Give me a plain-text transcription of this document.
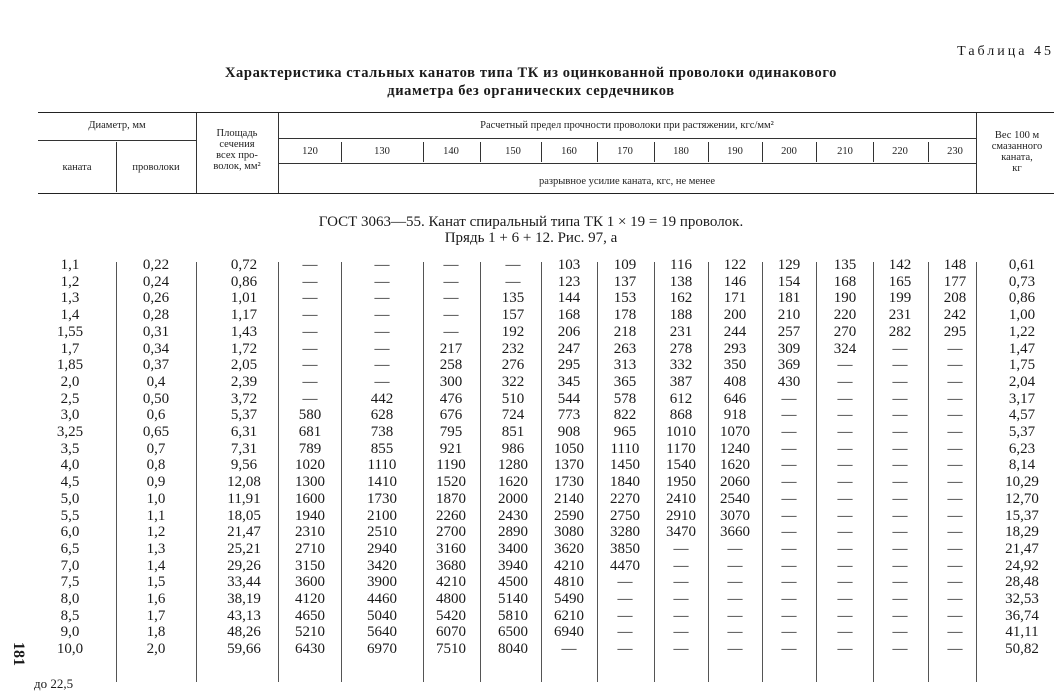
Таблица 45
Характеристика стальных канатов типа ТК из оцинкованной проволоки одинакового
диаметра без органических сердечников
Диаметр, мм
каната	проволоки
Площадь
сечения
всех про-
волок, мм²
Расчетный предел прочности проволоки при растяжении, кгс/мм²
120	130	140	150	160	170	180	190	200	210	220	230
разрывное усилие каната, кгс, не менее
Вес 100 м
смазанного
каната,
кг
ГОСТ 3063—55. Канат спиральный типа ТК 1 × 19 = 19 проволок.
Прядь 1 + 6 + 12. Рис. 97, а
1,1	0,22	0,72	—	—	—	—	103	109	116	122	129	135	142	148	0,61
1,2	0,24	0,86	—	—	—	—	123	137	138	146	154	168	165	177	0,73
1,3	0,26	1,01	—	—	—	135	144	153	162	171	181	190	199	208	0,86
1,4	0,28	1,17	—	—	—	157	168	178	188	200	210	220	231	242	1,00
1,55	0,31	1,43	—	—	—	192	206	218	231	244	257	270	282	295	1,22
1,7	0,34	1,72	—	—	217	232	247	263	278	293	309	324	—	—	1,47
1,85	0,37	2,05	—	—	258	276	295	313	332	350	369	—	—	—	1,75
2,0	0,4	2,39	—	—	300	322	345	365	387	408	430	—	—	—	2,04
2,5	0,50	3,72	—	442	476	510	544	578	612	646	—	—	—	—	3,17
3,0	0,6	5,37	580	628	676	724	773	822	868	918	—	—	—	—	4,57
3,25	0,65	6,31	681	738	795	851	908	965	1010	1070	—	—	—	—	5,37
3,5	0,7	7,31	789	855	921	986	1050	1110	1170	1240	—	—	—	—	6,23
4,0	0,8	9,56	1020	1110	1190	1280	1370	1450	1540	1620	—	—	—	—	8,14
4,5	0,9	12,08	1300	1410	1520	1620	1730	1840	1950	2060	—	—	—	—	10,29
5,0	1,0	11,91	1600	1730	1870	2000	2140	2270	2410	2540	—	—	—	—	12,70
5,5	1,1	18,05	1940	2100	2260	2430	2590	2750	2910	3070	—	—	—	—	15,37
6,0	1,2	21,47	2310	2510	2700	2890	3080	3280	3470	3660	—	—	—	—	18,29
6,5	1,3	25,21	2710	2940	3160	3400	3620	3850	—	—	—	—	—	—	21,47
7,0	1,4	29,26	3150	3420	3680	3940	4210	4470	—	—	—	—	—	—	24,92
7,5	1,5	33,44	3600	3900	4210	4500	4810	—	—	—	—	—	—	—	28,48
8,0	1,6	38,19	4120	4460	4800	5140	5490	—	—	—	—	—	—	—	32,53
8,5	1,7	43,13	4650	5040	5420	5810	6210	—	—	—	—	—	—	—	36,74
9,0	1,8	48,26	5210	5640	6070	6500	6940	—	—	—	—	—	—	—	41,11
10,0	2,0	59,66	6430	6970	7510	8040	—	—	—	—	—	—	—	—	50,82
до 22,5
181
